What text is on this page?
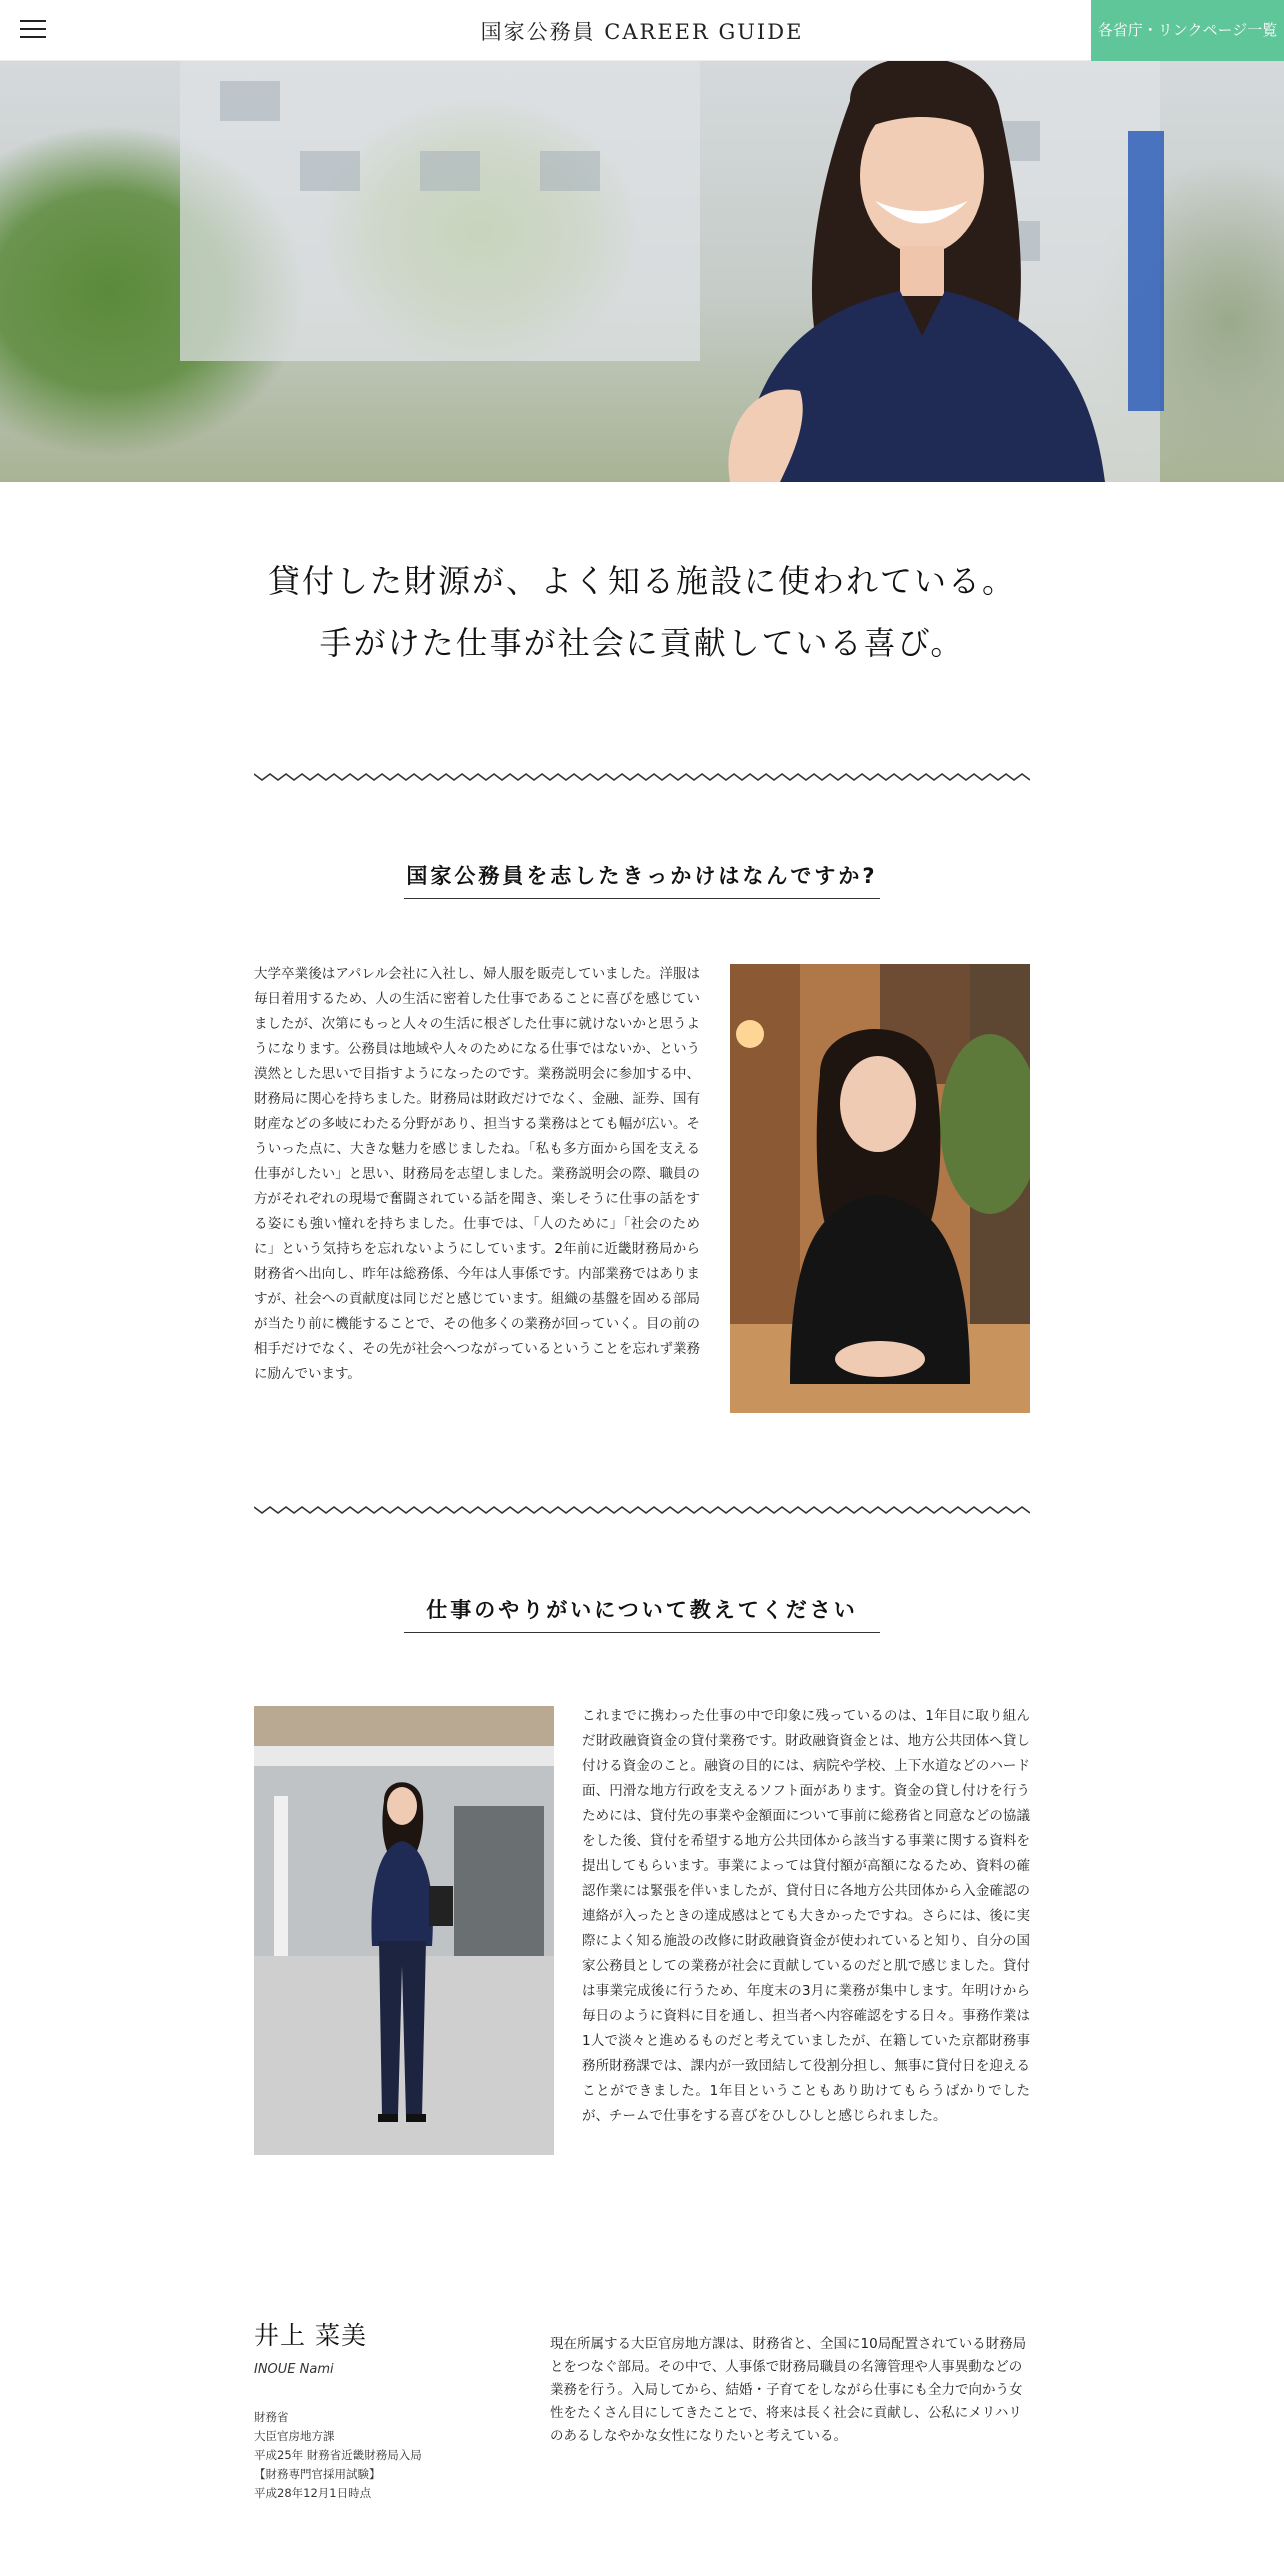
国家公務員 CAREER GUIDE	各省庁・リンクページ一覧
貸付した財源が、よく知る施設に使われている。
手がけた仕事が社会に貢献している喜び。
国家公務員を志したきっかけはなんですか?
大学卒業後はアパレル会社に入社し、婦人服を販売していました。洋服は毎日着用するため、人の生活に密着した仕事であることに喜びを感じていましたが、次第にもっと人々の生活に根ざした仕事に就けないかと思うようになります。公務員は地域や人々のためになる仕事ではないか、という漠然とした思いで目指すようになったのです。業務説明会に参加する中、財務局に関心を持ちました。財務局は財政だけでなく、金融、証券、国有財産などの多岐にわたる分野があり、担当する業務はとても幅が広い。そういった点に、大きな魅力を感じましたね。「私も多方面から国を支える仕事がしたい」と思い、財務局を志望しました。業務説明会の際、職員の方がそれぞれの現場で奮闘されている話を聞き、楽しそうに仕事の話をする姿にも強い憧れを持ちました。仕事では、「人のために」「社会のために」という気持ちを忘れないようにしています。2年前に近畿財務局から財務省へ出向し、昨年は総務係、今年は人事係です。内部業務ではありますが、社会への貢献度は同じだと感じています。組織の基盤を固める部局が当たり前に機能することで、その他多くの業務が回っていく。目の前の相手だけでなく、その先が社会へつながっているということを忘れず業務に励んでいます。
仕事のやりがいについて教えてください
これまでに携わった仕事の中で印象に残っているのは、1年目に取り組んだ財政融資資金の貸付業務です。財政融資資金とは、地方公共団体へ貸し付ける資金のこと。融資の目的には、病院や学校、上下水道などのハード面、円滑な地方行政を支えるソフト面があります。資金の貸し付けを行うためには、貸付先の事業や金額面について事前に総務省と同意などの協議をした後、貸付を希望する地方公共団体から該当する事業に関する資料を提出してもらいます。事業によっては貸付額が高額になるため、資料の確認作業には緊張を伴いましたが、貸付日に各地方公共団体から入金確認の連絡が入ったときの達成感はとても大きかったですね。さらには、後に実際によく知る施設の改修に財政融資資金が使われていると知り、自分の国家公務員としての業務が社会に貢献しているのだと肌で感じました。貸付は事業完成後に行うため、年度末の3月に業務が集中します。年明けから毎日のように資料に目を通し、担当者へ内容確認をする日々。事務作業は1人で淡々と進めるものだと考えていましたが、在籍していた京都財務事務所財務課では、課内が一致団結して役割分担し、無事に貸付日を迎えることができました。1年目ということもあり助けてもらうばかりでしたが、チームで仕事をする喜びをひしひしと感じられました。
井上 菜美
INOUE Nami
財務省
大臣官房地方課
平成25年 財務省近畿財務局入局
【財務専門官採用試験】
平成28年12月1日時点
現在所属する大臣官房地方課は、財務省と、全国に10局配置されている財務局とをつなぐ部局。その中で、人事係で財務局職員の名簿管理や人事異動などの業務を行う。入局してから、結婚・子育てをしながら仕事にも全力で向かう女性をたくさん目にしてきたことで、将来は長く社会に貢献し、公私にメリハリのあるしなやかな女性になりたいと考えている。
